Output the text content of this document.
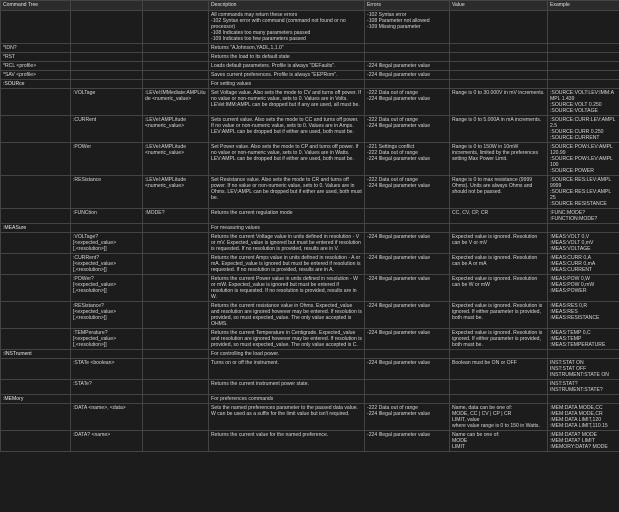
Command Tree			Description	Errors	Value	Example
			All commands may return these errors
-102 Syntax error with command (command not found or no processor)
-108 Indicates too many parameters passed
-109 Indicates too few parameters passed	-102 Syntax error
-108 Parameter not allowed
-109 Missing parameter		
*IDN?			Returns "AJohnson,YADL,1,1.0"			
*RST			Returns the load to its default state			
*RCL <profile>			Loads default parameters. Profile is always "DEFaults".	-224 Illegal parameter value		
*SAV <profile>			Saves current preferences. Profile is always "EEPRom".	-224 Illegal parameter value		
:SOURce			For setting values			
	:VOLTage	:LEVel:IMMediate:AMPLitude <numeric_value>	Set Voltage value. Also sets the mode to CV and turns off power. If no value or non-numeric value, sets to 0. Values are in Volts. LEVel:IMM:AMPL can be dropped but if any are used, all must be.	-222 Data out of range
-224 Illegal parameter value	Range is 0 to 30.000V in mV increments.	:SOURCE:VOLT:LEV:IMM:AMPL 1.439
:SOURCE:VOLT 0.250
:SOURCE:VOLTAGE
	:CURRent	:LEVel:AMPLitude <numeric_value>	Sets current value. Also sets the mode to CC and turns off power. If no value or non-numeric value, sets to 0. Values are in Amps. LEV:AMPL can be dropped but if either are used, both must be.	-222 Data out of range
-224 Illegal parameter value	Range is 0 to 5.000A in mA increments.	:SOURCE:CURR:LEV:AMPL 2.5
:SOURCE:CURR 0.250
:SOURCE:CURRENT
	:POWer	:LEVel:AMPLitude <numeric_value>	Set Power value. Also sets the mode to CP and turns off power. If no value or non-numeric value, sets to 0. Values are in Watts. LEV:AMPL can be dropped but if either are used, both must be.	-221 Settings conflict
-222 Data out of range
-224 Illegal parameter value	Range is 0 to 150W in 10mW increments, limited by the preferences setting Max Power Limit.	:SOURCE:POW:LEV:AMPL 120.99
:SOURCE:POW:LEV:AMPL 100
:SOURCE:POWER
	:RESistance	:LEVel:AMPLitude <numeric_value>	Set Resistance value. Also sets the mode to CR and turns off power. If no value or non-numeric value, sets to 0. Values are in Ohms. LEV:AMPL can be dropped but if either are used, both must be.	-222 Data out of range
-224 Illegal parameter value	Range is 0 to max resistance (9999 Ohms). Units are always Ohms and should not be passed.	:SOURCE:RES:LEV:AMPL 9999
:SOURCE:RES:LEV:AMPL 25
:SOURCE:RESISTANCE
	:FUNCtion	:MODE?	Returns the current regulation mode		CC, CV, CP, CR	:FUNC:MODE?
:FUNCTION:MODE?
:MEASure			For measuring values			
	:VOLTage?
[<expected_value>
[,<resolution>]]		Returns the current Voltage value in units defined in resolution - V or mV. Expected_value is ignored but must be entered if resolution is requested. If no resolution is provided, results are in V.	-224 Illegal parameter value	Expected value is ignored. Resolution can be V or mV	:MEAS:VOLT 0,V
:MEAS:VOLT 0,mV
:MEAS:VOLTAGE
	:CURRent?
[<expected_value>
[,<resolution>]]		Returns the current Amps value in units defined in resolution - A or mA. Expected_value is ignored but must be entered if resolution is requested. If no resolution is provided, results are in A.	-224 Illegal parameter value	Expected value is ignored. Resolution can be A or mA	:MEAS:CURR 0,A
:MEAS:CURR 0,mA
:MEAS:CURRENT
	:POWer?
[<expected_value>
[,<resolution>]]		Returns the current Power value in units defined in resolution - W or mW. Expected_value is ignored but must be entered if resolution is requested. If no resolution is provided, results are in W.	-224 Illegal parameter value	Expected value is ignored. Resolution can be W or mW	:MEAS:POW 0,W
:MEAS:POW 0,mW
:MEAS:POWER
	:RESistance?
[<expected_value>
[,<resolution>]]		Returns the current resistance value in Ohms. Expected_value and resolution are ignored however may be entered. If resolution is provided, so must expected_value. The only value accepted is OHMS.	-224 Illegal parameter value	Expected value is ignored. Resolution is ignored. If either parameter is provided, both must be.	:MEAS:RES 0,R
:MEAS:RES
:MEAS:RESISTANCE
	:TEMPerature?
[<expected_value>
[,<resolution>]]		Returns the current Temperature in Centigrade. Expected_value and resolution are ignored however may be entered. If resolution is provided, so must expected_value. The only value accepted is C.	-224 Illegal parameter value	Expected value is ignored. Resolution is ignored. If either parameter is provided, both must be.	:MEAS:TEMP 0,C
:MEAS:TEMP
:MEAS:TEMPERATURE
:INSTrument			For controlling the load power.			
	:STATe <boolean>		Turns on or off the instrument.	-224 Illegal parameter value	Boolean must be ON or OFF	INST:STAT ON
INST:STAT OFF
INSTRUMENT:STATE ON
	:STATe?		Returns the current instrument power state.			INST:STAT?
INSTRUMENT:STATE?
:MEMory			For preferences commands			
	:DATA <name>, <data>		Sets the named preferences parameter to the passed data value. W can be used as a suffix for the limit value but isn't required.	-222 Data out of range
-224 Illegal parameter value	Name, data can be one of:
MODE, CC | CV | CP | CR
LIMIT, value
where value range is 0 to 150 in Watts.	:MEM:DATA MODE,CC
:MEM:DATA MODE,CR
:MEM:DATA LIMIT,120
:MEM:DATA LIMIT,110.15
	:DATA? <name>		Returns the current value for the named preference.	-224 Illegal parameter value	Name can be one of:
MODE
LIMIT	:MEM:DATA? MODE
:MEM:DATA? LIMIT
:MEMORY:DATA? MODE
